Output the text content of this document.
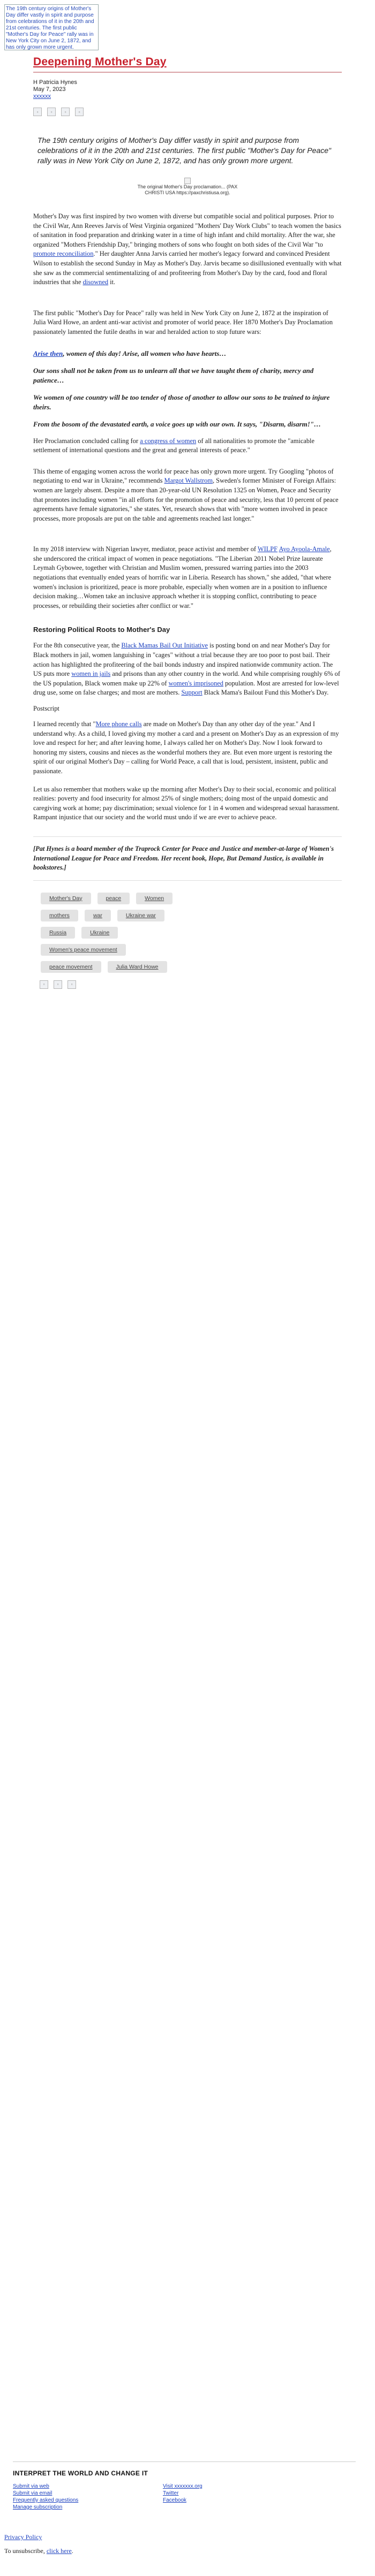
The 19th century origins of Mother's Day differ vastly in spirit and purpose from celebrations of it in the 20th and 21st centuries. The first public "Mother's Day for Peace" rally was in New York City on June 2, 1872, and has only grown more urgent.
Deepening Mother's Day
H Patricia Hynes
May 7, 2023
xxxxxx
▫	▫	▫	▫
The 19th century origins of Mother's Day differ vastly in spirit and purpose from celebrations of it in the 20th and 21st centuries. The first public "Mother's Day for Peace" rally was in New York City on June 2, 1872, and has only grown more urgent.

The original Mother's Day proclamation... (PAX
CHRISTI USA https://paxchristiusa.org).

Mother's Day was first inspired by two women with diverse but compatible social and political purposes. Prior to the Civil War, Ann Reeves Jarvis of West Virginia organized "Mothers' Day Work Clubs" to teach women the basics of sanitation in food preparation and drinking water in a time of high infant and child mortality. After the war, she organized "Mothers Friendship Day," bringing mothers of sons who fought on both sides of the Civil War "to promote reconciliation." Her daughter Anna Jarvis carried her mother's legacy forward and convinced President Wilson to establish the second Sunday in May as Mother's Day. Jarvis became so disillusioned eventually with what she saw as the commercial sentimentalizing of and profiteering from Mother's Day by the card, food and floral industries that she disowned it.

The first public "Mother's Day for Peace" rally was held in New York City on June 2, 1872 at the inspiration of Julia Ward Howe, an ardent anti-war activist and promoter of world peace. Her 1870 Mother's Day Proclamation passionately lamented the futile deaths in war and heralded action to stop future wars:

Arise then, women of this day! Arise, all women who have hearts…

Our sons shall not be taken from us to unlearn all that we have taught them of charity, mercy and patience…

We women of one country will be too tender of those of another to allow our sons to be trained to injure theirs.

From the bosom of the devastated earth, a voice goes up with our own. It says, "Disarm, disarm!"…

Her Proclamation concluded calling for a congress of women of all nationalities to promote the "amicable settlement of international questions and the great and general interests of peace."

This theme of engaging women across the world for peace has only grown more urgent. Try Googling "photos of negotiating to end war in Ukraine," recommends Margot Wallstrom, Sweden's former Minister of Foreign Affairs: women are largely absent. Despite a more than 20-year-old UN Resolution 1325 on Women, Peace and Security that promotes including women "in all efforts for the promotion of peace and security, less that 10 percent of peace agreements have female signatories," she states. Yet, research shows that with "more women involved in peace processes, more proposals are put on the table and agreements reached last longer."

In my 2018 interview with Nigerian lawyer, mediator, peace activist and member of WILPF Ayo Ayoola-Amale, she underscored the critical impact of women in peace negotiations. "The Liberian 2011 Nobel Prize laureate Leymah Gyboweе, together with Christian and Muslim women, pressured warring parties into the 2003 negotiations that eventually ended years of horrific war in Liberia. Research has shown," she added, "that where women's inclusion is prioritized, peace is more probable, especially when women are in a position to influence decision making…Women take an inclusive approach whether it is stopping conflict, contributing to peace processes, or rebuilding their societies after conflict or war."

Restoring Political Roots to Mother's Day

For the 8th consecutive year, the Black Mamas Bail Out Initiative is posting bond on and near Mother's Day for Black mothers in jail, women languishing in "cages" without a trial because they are too poor to post bail. Their action has highlighted the profiteering of the bail bonds industry and inspired nationwide community action. The US puts more women in jails and prisons than any other country in the world. And while comprising roughly 6% of the US population, Black women make up 22% of women's imprisoned population. Most are arrested for low-level drug use, some on false charges; and most are mothers. Support Black Mama's Bailout Fund this Mother's Day.

Postscript

I learned recently that "More phone calls are made on Mother's Day than any other day of the year." And I understand why. As a child, I loved giving my mother a card and a present on Mother's Day as an expression of my love and respect for her; and after leaving home, I always called her on Mother's Day. Now I look forward to honoring my sisters, cousins and nieces as the wonderful mothers they are. But even more urgent is restoring the spirit of our original Mother's Day – calling for World Peace, a call that is loud, persistent, insistent, public and passionate.

Let us also remember that mothers wake up the morning after Mother's Day to their social, economic and political realities: poverty and food insecurity for almost 25% of single mothers; doing most of the unpaid domestic and caregiving work at home; pay discrimination; sexual violence for 1 in 4 women and widespread sexual harassment. Rampant injustice that our society and the world must undo if we are ever to achieve peace.

[Pat Hynes is a board member of the Traprock Center for Peace and Justice and member-at-large of Women's International League for Peace and Freedom. Her recent book, Hope, But Demand Justice, is available in bookstores.]
Mother's Day	peace	Women
mothers	war	Ukraine war
Russia	Ukraine
Women's peace movement
peace movement	Julia Ward Howe
▫	▫	▫
INTERPRET THE WORLD AND CHANGE IT
Submit via web
Submit via email
Frequently asked questions
Manage subscription
Visit xxxxxxx.org
Twitter
Facebook
Privacy Policy
To unsubscribe, click here.
